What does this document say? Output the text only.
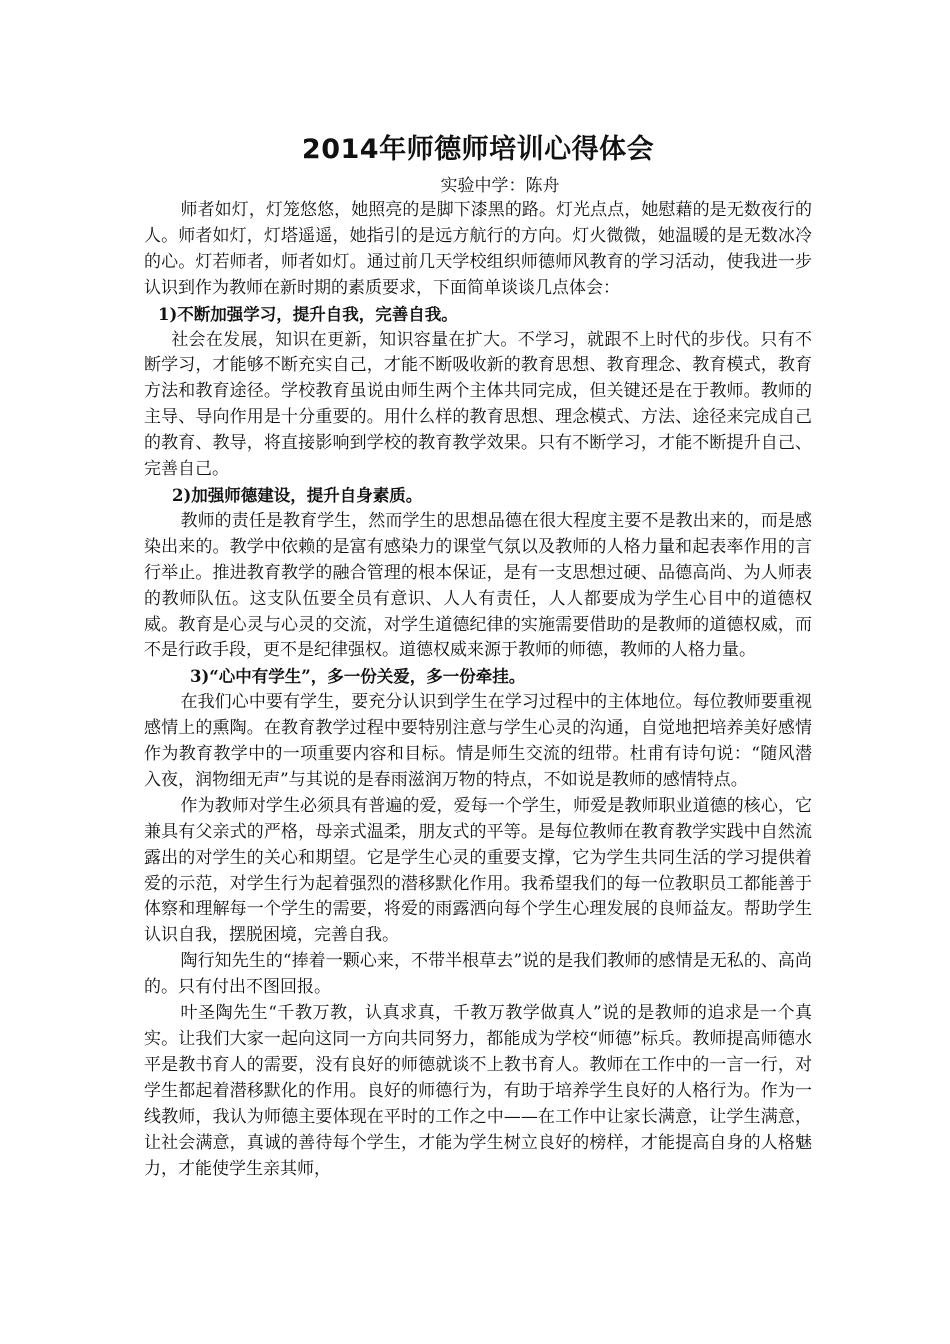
2014年师德师培训心得体会

实验中学：陈舟

师者如灯，灯笼悠悠，她照亮的是脚下漆黑的路。灯光点点，她慰藉的是无数夜行的人。师者如灯，灯塔遥遥，她指引的是远方航行的方向。灯火微微，她温暖的是无数冰冷的心。灯若师者，师者如灯。通过前几天学校组织师德师风教育的学习活动，使我进一步认识到作为教师在新时期的素质要求，下面简单谈谈几点体会：

1)不断加强学习，提升自我，完善自我。

社会在发展，知识在更新，知识容量在扩大。不学习，就跟不上时代的步伐。只有不断学习，才能够不断充实自己，才能不断吸收新的教育思想、教育理念、教育模式，教育方法和教育途径。学校教育虽说由师生两个主体共同完成，但关键还是在于教师。教师的主导、导向作用是十分重要的。用什么样的教育思想、理念模式、方法、途径来完成自己的教育、教导，将直接影响到学校的教育教学效果。只有不断学习，才能不断提升自己、完善自己。

2)加强师德建设，提升自身素质。

教师的责任是教育学生，然而学生的思想品德在很大程度主要不是教出来的，而是感染出来的。教学中依赖的是富有感染力的课堂气氛以及教师的人格力量和起表率作用的言行举止。推进教育教学的融合管理的根本保证，是有一支思想过硬、品德高尚、为人师表的教师队伍。这支队伍要全员有意识、人人有责任，人人都要成为学生心目中的道德权威。教育是心灵与心灵的交流，对学生道德纪律的实施需要借助的是教师的道德权威，而不是行政手段，更不是纪律强权。道德权威来源于教师的师德，教师的人格力量。

3)“心中有学生”，多一份关爱，多一份牵挂。

在我们心中要有学生，要充分认识到学生在学习过程中的主体地位。每位教师要重视感情上的熏陶。在教育教学过程中要特别注意与学生心灵的沟通，自觉地把培养美好感情作为教育教学中的一项重要内容和目标。情是师生交流的纽带。杜甫有诗句说：“随风潜入夜，润物细无声”与其说的是春雨滋润万物的特点，不如说是教师的感情特点。

作为教师对学生必须具有普遍的爱，爱每一个学生，师爱是教师职业道德的核心，它兼具有父亲式的严格，母亲式温柔，朋友式的平等。是每位教师在教育教学实践中自然流露出的对学生的关心和期望。它是学生心灵的重要支撑，它为学生共同生活的学习提供着爱的示范，对学生行为起着强烈的潜移默化作用。我希望我们的每一位教职员工都能善于体察和理解每一个学生的需要，将爱的雨露洒向每个学生心理发展的良师益友。帮助学生认识自我，摆脱困境，完善自我。

陶行知先生的“捧着一颗心来，不带半根草去”说的是我们教师的感情是无私的、高尚的。只有付出不图回报。

叶圣陶先生“千教万教，认真求真，千教万教学做真人”说的是教师的追求是一个真实。让我们大家一起向这同一方向共同努力，都能成为学校“师德”标兵。教师提高师德水平是教书育人的需要，没有良好的师德就谈不上教书育人。教师在工作中的一言一行，对学生都起着潜移默化的作用。良好的师德行为，有助于培养学生良好的人格行为。作为一线教师，我认为师德主要体现在平时的工作之中——在工作中让家长满意，让学生满意，让社会满意，真诚的善待每个学生，才能为学生树立良好的榜样，才能提高自身的人格魅力，才能使学生亲其师，
